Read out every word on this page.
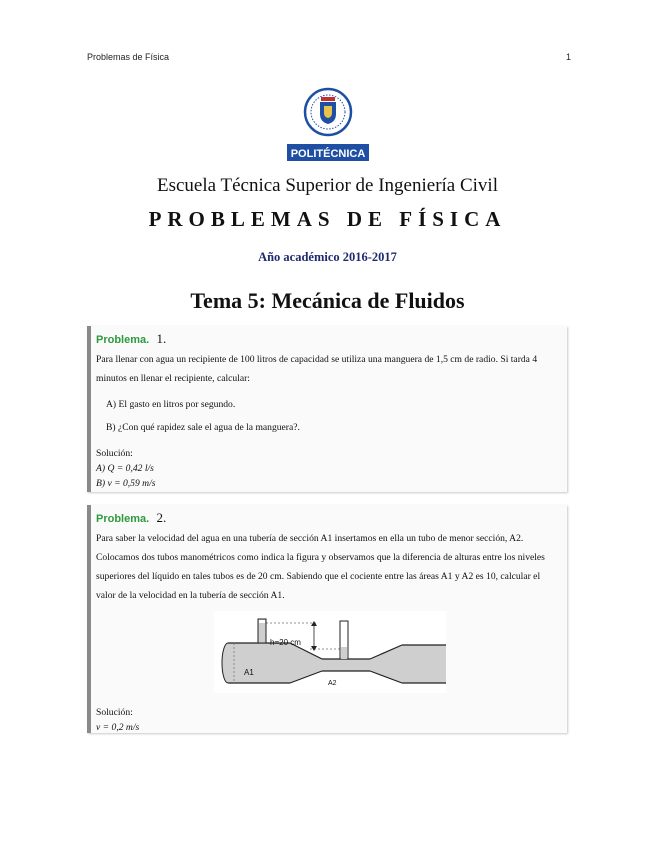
Problemas de Física	1
POLITÉCNICA
Escuela Técnica Superior de Ingeniería Civil
PROBLEMAS DE FÍSICA
Año académico 2016-2017
Tema 5: Mecánica de Fluidos
Problema. 1.
Para llenar con agua un recipiente de 100 litros de capacidad se utiliza una manguera de 1,5 cm de radio. Si tarda 4 minutos en llenar el recipiente, calcular:
A) El gasto en litros por segundo.
B) ¿Con qué rapidez sale el agua de la manguera?.
Solución:
A) Q = 0,42 l/s
B) v = 0,59 m/s
Problema. 2.
Para saber la velocidad del agua en una tubería de sección A1 insertamos en ella un tubo de menor sección, A2. Colocamos dos tubos manométricos como indica la figura y observamos que la diferencia de alturas entre los niveles superiores del líquido en tales tubos es de 20 cm. Sabiendo que el cociente entre las áreas A1 y A2 es 10, calcular el valor de la velocidad en la tubería de sección A1.
h=20 cm
A1
A2
Solución:
v = 0,2 m/s
